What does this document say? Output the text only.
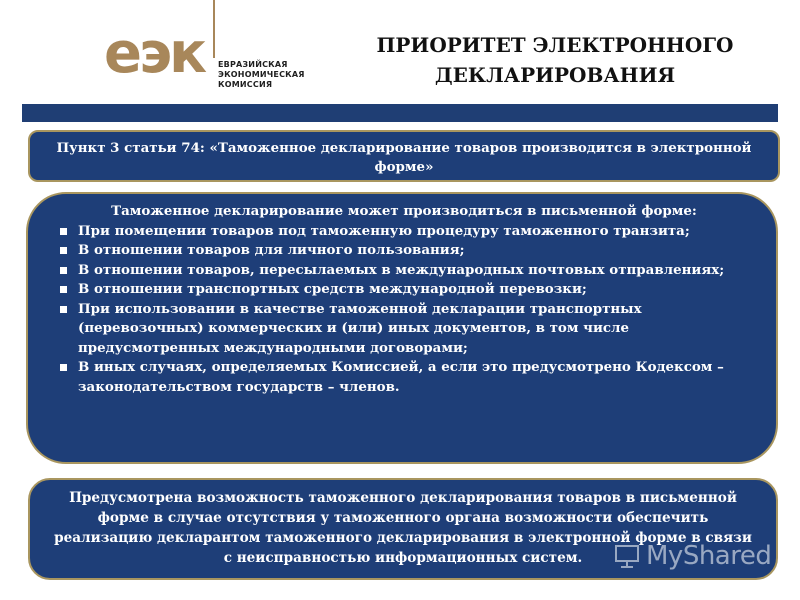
еэк ЕВРАЗИЙСКАЯ
ЭКОНОМИЧЕСКАЯ
КОМИССИЯ
ПРИОРИТЕТ ЭЛЕКТРОННОГО
ДЕКЛАРИРОВАНИЯ
Пункт 3 статьи 74: «Таможенное декларирование товаров производится в электронной форме»
Таможенное декларирование может производиться в письменной форме:
При помещении товаров под таможенную процедуру таможенного транзита;
В отношении товаров для личного пользования;
В отношении товаров, пересылаемых в международных почтовых отправлениях;
В отношении транспортных средств международной перевозки;
При использовании в качестве таможенной декларации транспортных (перевозочных) коммерческих и (или) иных документов, в том числе предусмотренных международными договорами;
В иных случаях, определяемых Комиссией, а если это предусмотрено Кодексом – законодательством государств – членов.
Предусмотрена возможность таможенного декларирования товаров в письменной форме в случае отсутствия у таможенного органа возможности обеспечить реализацию декларантом таможенного декларирования в электронной форме в связи с неисправностью информационных систем.	MyShared
